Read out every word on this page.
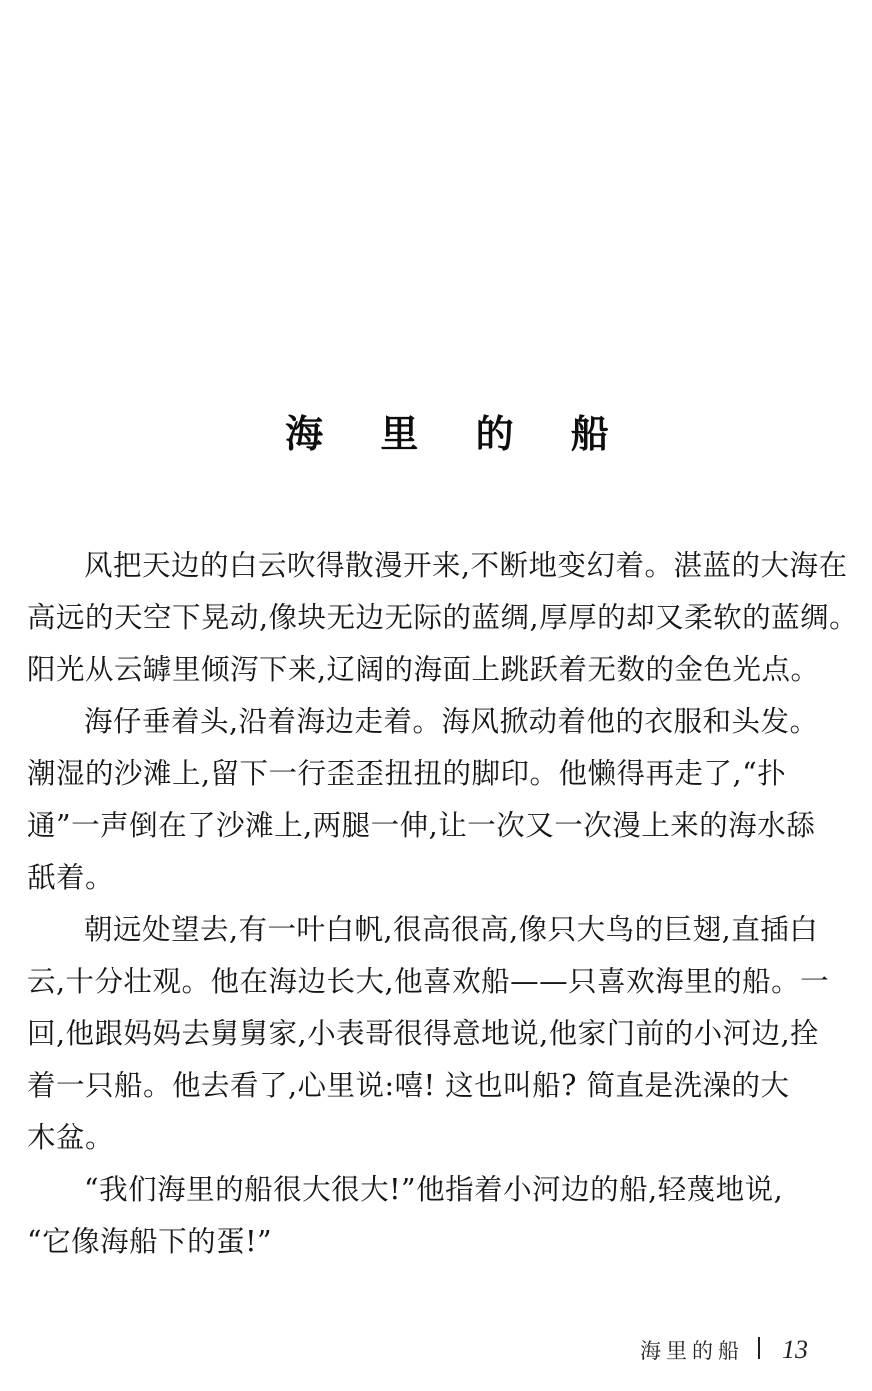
海 里 的 船
风把天边的白云吹得散漫开来,不断地变幻着。湛蓝的大海在
高远的天空下晃动,像块无边无际的蓝绸,厚厚的却又柔软的蓝绸。
阳光从云罅里倾泻下来,辽阔的海面上跳跃着无数的金色光点。
海仔垂着头,沿着海边走着。海风掀动着他的衣服和头发。
潮湿的沙滩上,留下一行歪歪扭扭的脚印。他懒得再走了,“扑
通”一声倒在了沙滩上,两腿一伸,让一次又一次漫上来的海水舔
舐着。
朝远处望去,有一叶白帆,很高很高,像只大鸟的巨翅,直插白
云,十分壮观。他在海边长大,他喜欢船——只喜欢海里的船。一
回,他跟妈妈去舅舅家,小表哥很得意地说,他家门前的小河边,拴
着一只船。他去看了,心里说:嘻! 这也叫船? 简直是洗澡的大
木盆。
“我们海里的船很大很大!”他指着小河边的船,轻蔑地说,
“它像海船下的蛋!”
海里的船 13
